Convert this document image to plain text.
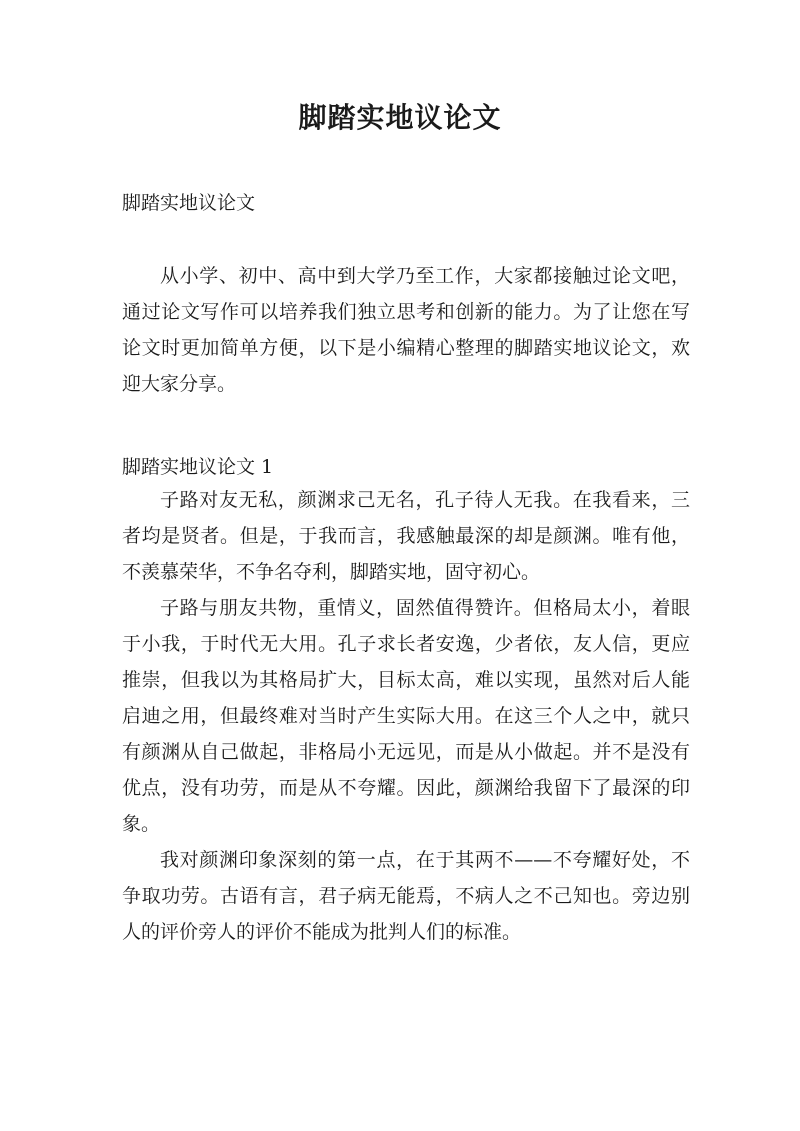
脚踏实地议论文
脚踏实地议论文

从小学、初中、高中到大学乃至工作，大家都接触过论文吧，通过论文写作可以培养我们独立思考和创新的能力。为了让您在写论文时更加简单方便，以下是小编精心整理的脚踏实地议论文，欢迎大家分享。

脚踏实地议论文 1

子路对友无私，颜渊求己无名，孔子待人无我。在我看来，三者均是贤者。但是，于我而言，我感触最深的却是颜渊。唯有他，不羡慕荣华，不争名夺利，脚踏实地，固守初心。

子路与朋友共物，重情义，固然值得赞许。但格局太小，着眼于小我，于时代无大用。孔子求长者安逸，少者依，友人信，更应推崇，但我以为其格局扩大，目标太高，难以实现，虽然对后人能启迪之用，但最终难对当时产生实际大用。在这三个人之中，就只有颜渊从自己做起，非格局小无远见，而是从小做起。并不是没有优点，没有功劳，而是从不夸耀。因此，颜渊给我留下了最深的印象。

我对颜渊印象深刻的第一点，在于其两不——不夸耀好处，不争取功劳。古语有言，君子病无能焉，不病人之不己知也。旁边别人的评价旁人的评价不能成为批判人们的标准。
